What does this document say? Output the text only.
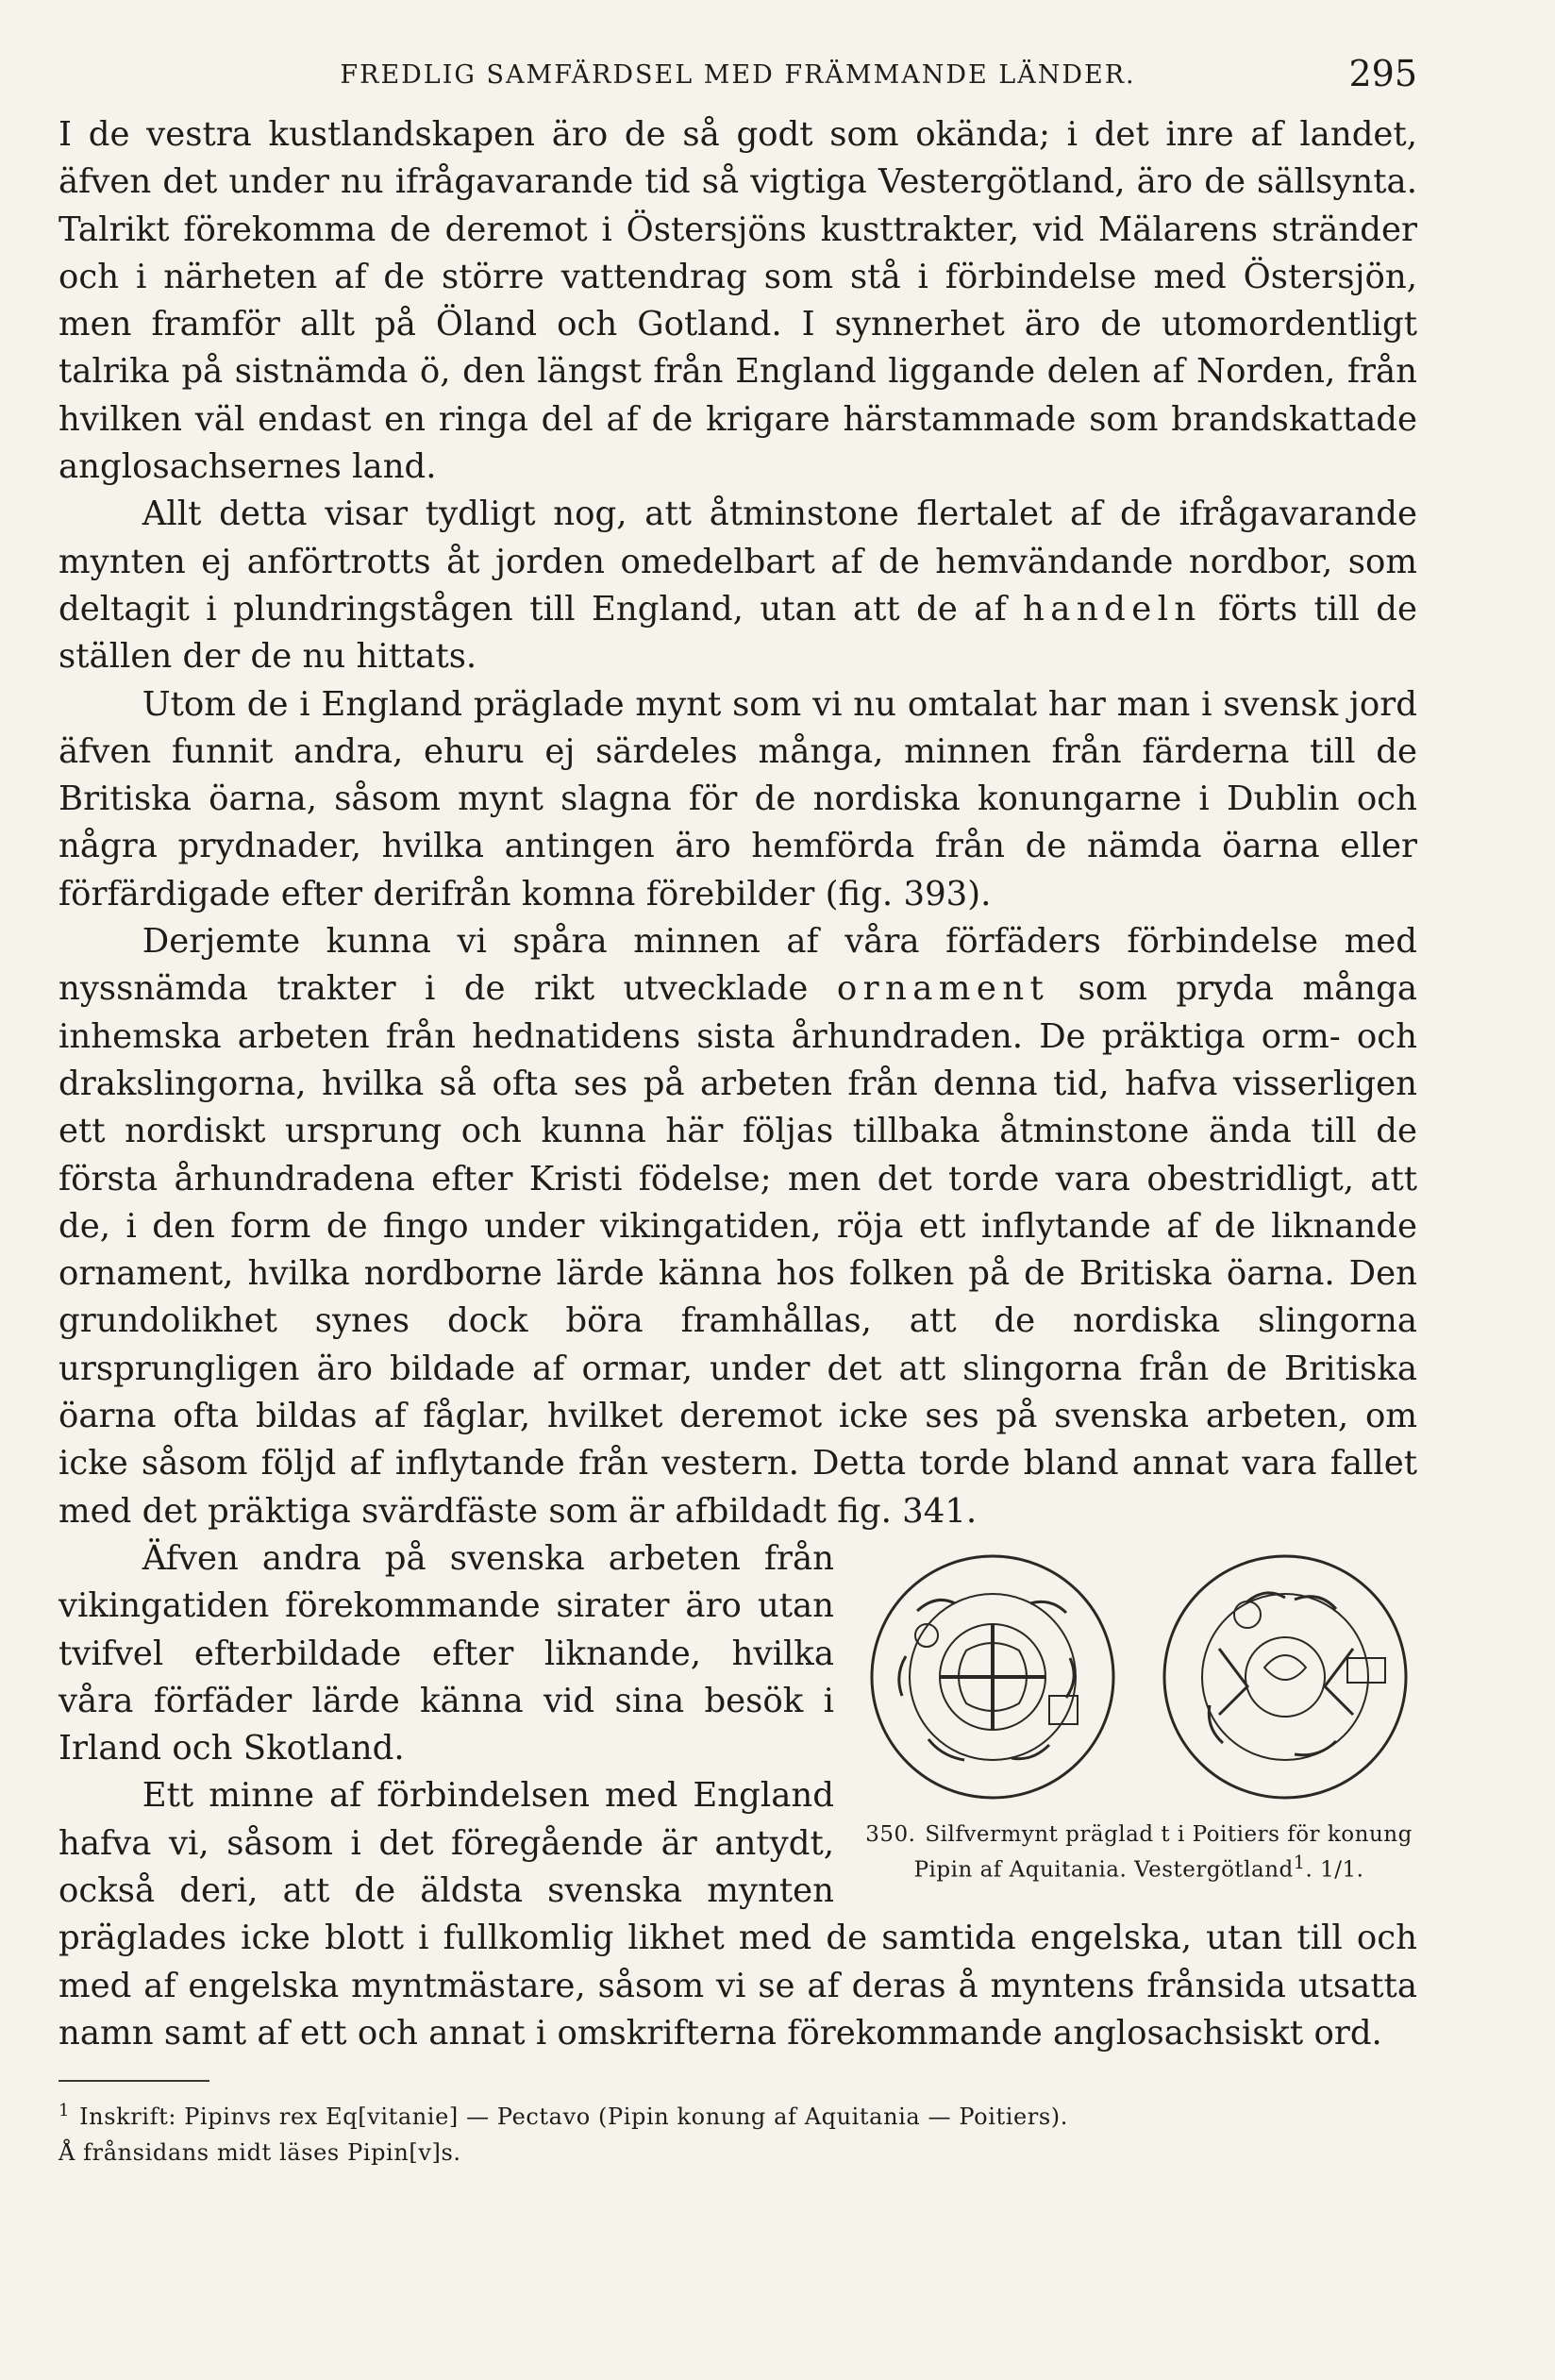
FREDLIG SAMFÄRDSEL MED FRÄMMANDE LÄNDER.	295

I de vestra kustlandskapen äro de så godt som okända; i det inre af landet, äfven det under nu ifrågavarande tid så vigtiga Vestergötland, äro de sällsynta. Talrikt förekomma de deremot i Östersjöns kusttrakter, vid Mälarens stränder och i närheten af de större vattendrag som stå i förbindelse med Östersjön, men framför allt på Öland och Gotland. I synnerhet äro de utomordentligt talrika på sistnämda ö, den längst från England liggande delen af Norden, från hvilken väl endast en ringa del af de krigare härstammade som brandskattade anglosachsernes land.

Allt detta visar tydligt nog, att åtminstone flertalet af de ifrågavarande mynten ej anförtrotts åt jorden omedelbart af de hemvändande nordbor, som deltagit i plundringstågen till England, utan att de af handeln förts till de ställen der de nu hittats.

Utom de i England präglade mynt som vi nu omtalat har man i svensk jord äfven funnit andra, ehuru ej särdeles många, minnen från färderna till de Britiska öarna, såsom mynt slagna för de nordiska konungarne i Dublin och några prydnader, hvilka antingen äro hemförda från de nämda öarna eller förfärdigade efter derifrån komna förebilder (fig. 393).

Derjemte kunna vi spåra minnen af våra förfäders förbindelse med nyssnämda trakter i de rikt utvecklade ornament som pryda många inhemska arbeten från hednatidens sista århundraden. De präktiga orm- och drakslingorna, hvilka så ofta ses på arbeten från denna tid, hafva visserligen ett nordiskt ursprung och kunna här följas tillbaka åtminstone ända till de första århundradena efter Kristi födelse; men det torde vara obestridligt, att de, i den form de fingo under vikingatiden, röja ett inflytande af de liknande ornament, hvilka nordborne lärde känna hos folken på de Britiska öarna. Den grundolikhet synes dock böra framhållas, att de nordiska slingorna ursprungligen äro bildade af ormar, under det att slingorna från de Britiska öarna ofta bildas af fåglar, hvilket deremot icke ses på svenska arbeten, om icke såsom följd af inflytande från vestern. Detta torde bland annat vara fallet med det präktiga svärdfäste som är afbildadt fig. 341.

350. Silfvermynt präglad t i Poitiers för konung Pipin af Aquitania. Vestergötland$^1$. 1/1.

Äfven andra på svenska arbeten från vikingatiden förekommande sirater äro utan tvifvel efterbildade efter liknande, hvilka våra förfäder lärde känna vid sina besök i Irland och Skotland.

Ett minne af förbindelsen med England hafva vi, såsom i det föregående är antydt, också deri, att de äldsta svenska mynten präglades icke blott i fullkomlig likhet med de samtida engelska, utan till och med af engelska myntmästare, såsom vi se af deras å myntens frånsida utsatta namn samt af ett och annat i omskrifterna förekommande anglosachsiskt ord.

$^1$ Inskrift: Pipinvs rex Eq[vitanie] — Pectavo (Pipin konung af Aquitania — Poitiers).

Å frånsidans midt läses Pipin[v]s.
